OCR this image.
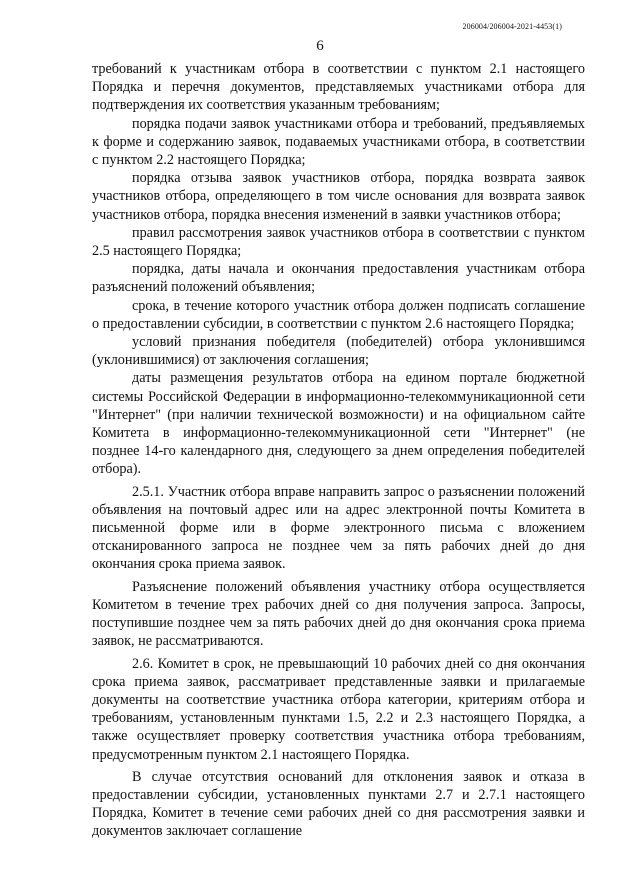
206004/206004-2021-4453(1)
6

требований к участникам отбора в соответствии с пунктом 2.1 настоящего Порядка и перечня документов, представляемых участниками отбора для подтверждения их соответствия указанным требованиям;

порядка подачи заявок участниками отбора и требований, предъявляемых к форме и содержанию заявок, подаваемых участниками отбора, в соответствии с пунктом 2.2 настоящего Порядка;

порядка отзыва заявок участников отбора, порядка возврата заявок участников отбора, определяющего в том числе основания для возврата заявок участников отбора, порядка внесения изменений в заявки участников отбора;

правил рассмотрения заявок участников отбора в соответствии с пунктом 2.5 настоящего Порядка;

порядка, даты начала и окончания предоставления участникам отбора разъяснений положений объявления;

срока, в течение которого участник отбора должен подписать соглашение о предоставлении субсидии, в соответствии с пунктом 2.6 настоящего Порядка;

условий признания победителя (победителей) отбора уклонившимся (уклонившимися) от заключения соглашения;

даты размещения результатов отбора на едином портале бюджетной системы Российской Федерации в информационно-телекоммуникационной сети "Интернет" (при наличии технической возможности) и на официальном сайте Комитета в информационно-телекоммуникационной сети "Интернет" (не позднее 14-го календарного дня, следующего за днем определения победителей отбора).

2.5.1. Участник отбора вправе направить запрос о разъяснении положений объявления на почтовый адрес или на адрес электронной почты Комитета в письменной форме или в форме электронного письма с вложением отсканированного запроса не позднее чем за пять рабочих дней до дня окончания срока приема заявок.

Разъяснение положений объявления участнику отбора осуществляется Комитетом в течение трех рабочих дней со дня получения запроса. Запросы, поступившие позднее чем за пять рабочих дней до дня окончания срока приема заявок, не рассматриваются.

2.6. Комитет в срок, не превышающий 10 рабочих дней со дня окончания срока приема заявок, рассматривает представленные заявки и прилагаемые документы на соответствие участника отбора категории, критериям отбора и требованиям, установленным пунктами 1.5, 2.2 и 2.3 настоящего Порядка, а также осуществляет проверку соответствия участника отбора требованиям, предусмотренным пунктом 2.1 настоящего Порядка.

В случае отсутствия оснований для отклонения заявок и отказа в предоставлении субсидии, установленных пунктами 2.7 и 2.7.1 настоящего Порядка, Комитет в течение семи рабочих дней со дня рассмотрения заявки и документов заключает соглашение
